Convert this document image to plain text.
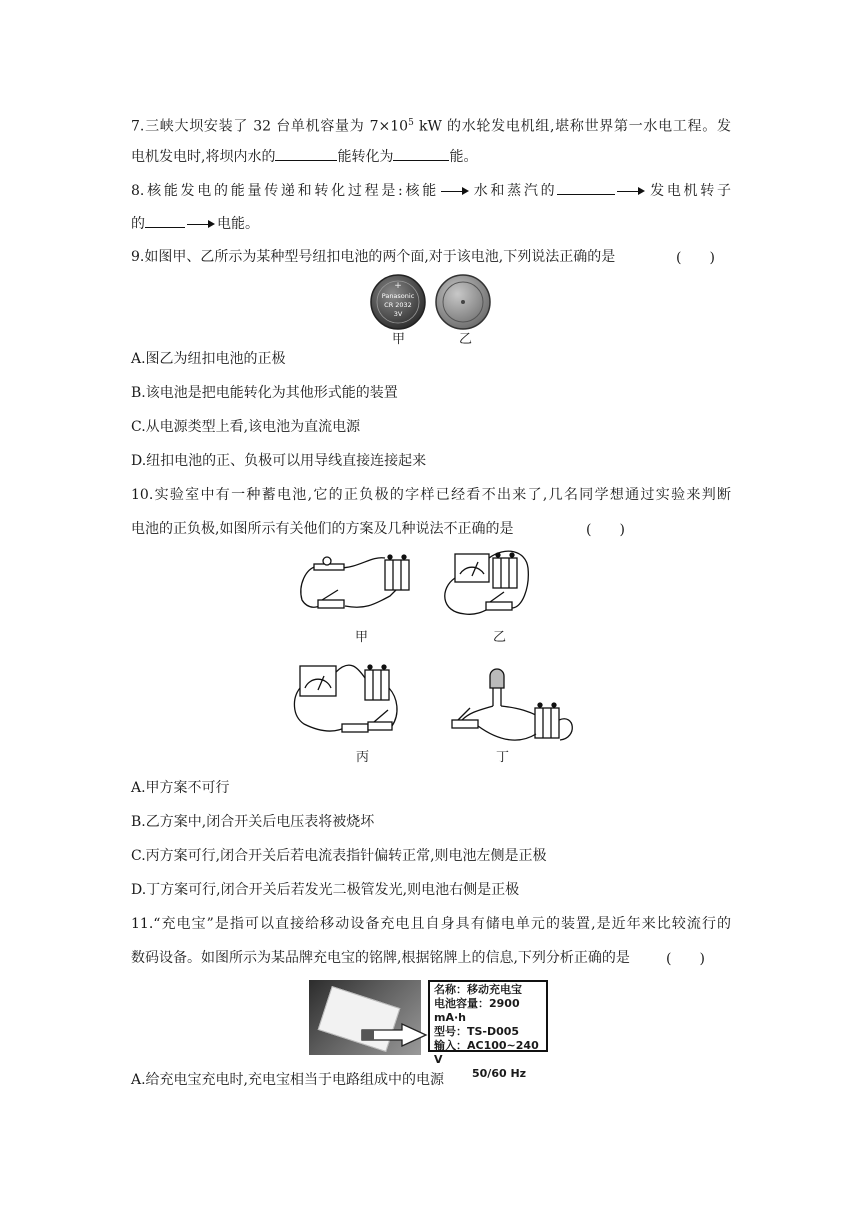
7.三峡大坝安装了 32 台单机容量为 $7\times 10^5$ kW 的水轮发电机组,堪称世界第一水电工程。发
电机发电时,将坝内水的	能转化为	能。
8.核能发电的能量传递和转化过程是:核能 水和蒸汽的	发电机转子
的	电能。
9.如图甲、乙所示为某种型号纽扣电池的两个面,对于该电池,下列说法正确的是	(　　)
+
Panasonic
CR 2032
3V
甲	乙
A.图乙为纽扣电池的正极
B.该电池是把电能转化为其他形式能的装置
C.从电源类型上看,该电池为直流电源
D.纽扣电池的正、负极可以用导线直接连接起来
10.实验室中有一种蓄电池,它的正负极的字样已经看不出来了,几名同学想通过实验来判断
电池的正负极,如图所示有关他们的方案及几种说法不正确的是	(　　)
甲	乙
丙	丁
A.甲方案不可行
B.乙方案中,闭合开关后电压表将被烧坏
C.丙方案可行,闭合开关后若电流表指针偏转正常,则电池左侧是正极
D.丁方案可行,闭合开关后若发光二极管发光,则电池右侧是正极
11.“充电宝”是指可以直接给移动设备充电且自身具有储电单元的装置,是近年来比较流行的
数码设备。如图所示为某品牌充电宝的铭牌,根据铭牌上的信息,下列分析正确的是	(　　)
名称：移动充电宝
电池容量：2900 mA·h
型号：TS-D005
输入：AC100~240 V
50/60 Hz
A.给充电宝充电时,充电宝相当于电路组成中的电源
